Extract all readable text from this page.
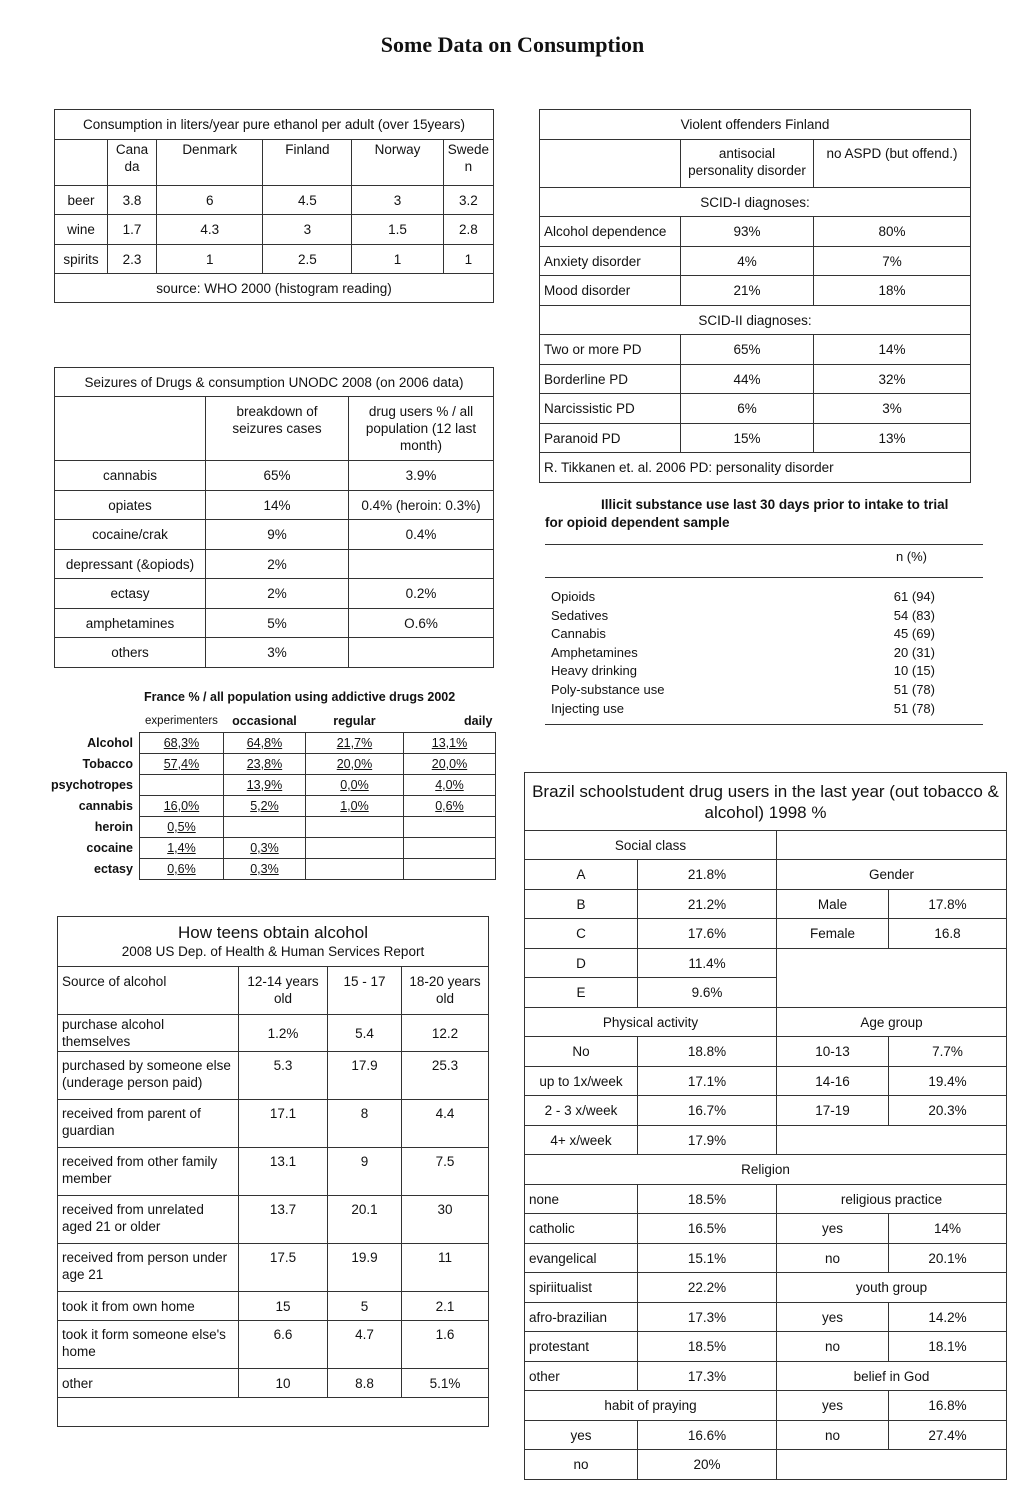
Some Data on Consumption
Consumption in liters/year pure ethanol per adult (over 15years)					
	Cana da	Denmark	Finland	Norway	Swede n
beer	3.8	6	4.5	3	3.2
wine	1.7	4.3	3	1.5	2.8
spirits	2.3	1	2.5	1	1
source: WHO 2000 (histogram reading)					
Seizures of Drugs & consumption UNODC 2008 (on 2006 data)		
	breakdown of seizures cases	drug users % / all population (12 last month)
cannabis	65%	3.9%
opiates	14%	0.4% (heroin: 0.3%)
cocaine/crak	9%	0.4%
depressant (&opiods)	2%	
ectasy	2%	0.2%
amphetamines	5%	O.6%
others	3%	
France % / all population using addictive drugs 2002
	experimenters	occasional	regular	daily
Alcohol	68,3%	64,8%	21,7%	13,1%
Tobacco	57,4%	23,8%	20,0%	20,0%
psychotropes		13,9%	0,0%	4,0%
cannabis	16,0%	5,2%	1,0%	0,6%
heroin	0,5%			
cocaine	1,4%	0,3%		
ectasy	0,6%	0,3%		
How teens obtain alcohol
2008 US Dep. of Health & Human Services Report			

Source of alcohol	12-14 years old	15 - 17	18-20 years old
purchase alcohol themselves	1.2%	5.4	12.2
purchased by someone else (underage person paid)	5.3	17.9	25.3
received from parent of guardian	17.1	8	4.4
received from other family member	13.1	9	7.5
received from unrelated aged 21 or older	13.7	20.1	30
received from person under age 21	17.5	19.9	11
took it from own home	15	5	2.1
took it form someone else's home	6.6	4.7	1.6
other	10	8.8	5.1%

Violent offenders Finland		
	antisocial personality disorder	no ASPD (but offend.)
SCID-I diagnoses:		
Alcohol dependence	93%	80%
Anxiety disorder	4%	7%
Mood disorder	21%	18%
SCID-II diagnoses:		
Two or more PD	65%	14%
Borderline PD	44%	32%
Narcissistic PD	6%	3%
Paranoid PD	15%	13%
R. Tikkanen et. al. 2006 PD: personality disorder		
Illicit substance use last 30 days prior to intake to trial
for opioid dependent sample
n (%)
Opioids	61 (94)
Sedatives	54 (83)
Cannabis	45 (69)
Amphetamines	20 (31)
Heavy drinking	10 (15)
Poly-substance use	51 (78)
Injecting use	51 (78)
Brazil schoolstudent drug users in the last year (out tobacco & alcohol) 1998 %			
Social class			
A	21.8%	Gender	
B	21.2%	Male	17.8%
C	17.6%	Female	16.8
D	11.4%		
E	9.6%		
Physical activity		Age group	
No	18.8%	10-13	7.7%
up to 1x/week	17.1%	14-16	19.4%
2 - 3 x/week	16.7%	17-19	20.3%
4+ x/week	17.9%		
Religion			
none	18.5%	religious practice	
catholic	16.5%	yes	14%
evangelical	15.1%	no	20.1%
spiriitualist	22.2%	youth group	
afro-brazilian	17.3%	yes	14.2%
protestant	18.5%	no	18.1%
other	17.3%	belief in God	
habit of praying		yes	16.8%
yes	16.6%	no	27.4%
no	20%		
